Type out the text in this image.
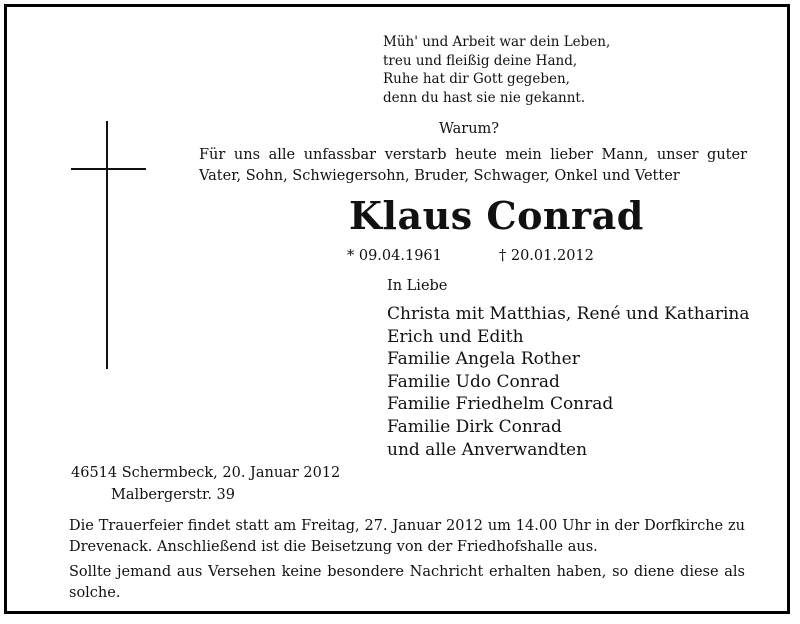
Müh' und Arbeit war dein Leben,
treu und fleißig deine Hand,
Ruhe hat dir Gott gegeben,
denn du hast sie nie gekannt.
Warum?
Für uns alle unfassbar verstarb heute mein lieber Mann, unser guter Vater, Sohn, Schwiegersohn, Bruder, Schwager, Onkel und Vetter
Klaus Conrad
* 09.04.1961	† 20.01.2012
In Liebe
Christa mit Matthias, René und Katharina
Erich und Edith
Familie Angela Rother
Familie Udo Conrad
Familie Friedhelm Conrad
Familie Dirk Conrad
und alle Anverwandten
46514 Schermbeck, 20. Januar 2012
Malbergerstr. 39
Die Trauerfeier findet statt am Freitag, 27. Januar 2012 um 14.00 Uhr in der Dorfkirche zu Drevenack. Anschließend ist die Beisetzung von der Friedhofshalle aus.
Sollte jemand aus Versehen keine besondere Nachricht erhalten haben, so diene diese als solche.
